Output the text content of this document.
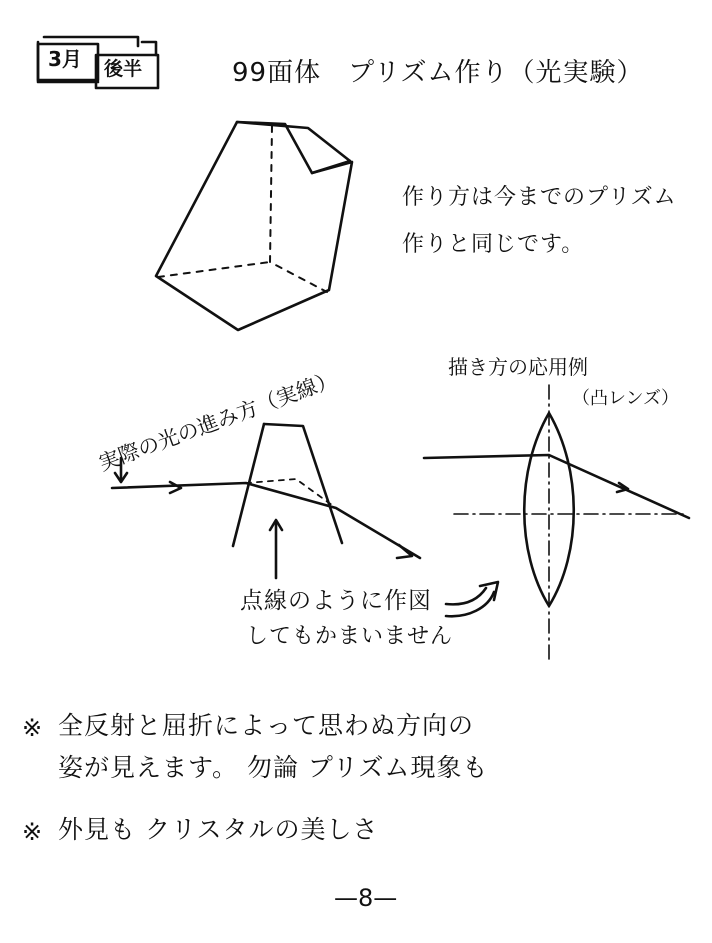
3月 後半	99面体　プリズム作り（光実験）
作り方は今までのプリズム
作りと同じです。
実際の光の進み方（実線）
点線のように作図
してもかまいません
描き方の応用例
（凸レンズ）
※ 全反射と屈折によって思わぬ方向の
姿が見えます。 勿論 プリズム現象も
※ 外見も クリスタルの美しさ
—8—
